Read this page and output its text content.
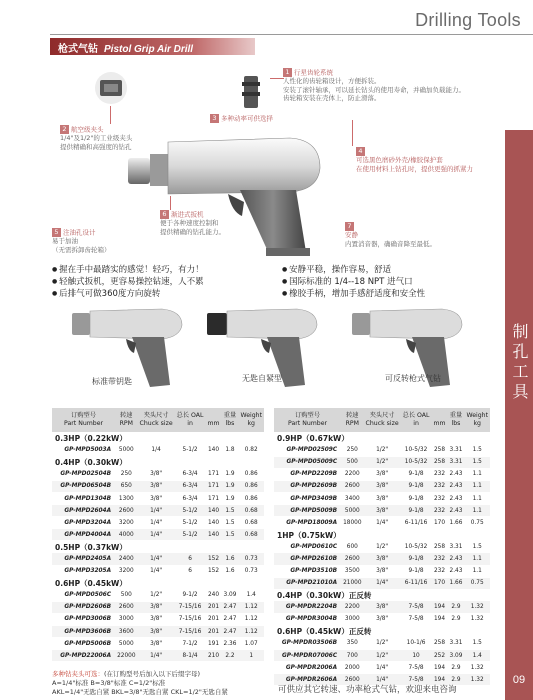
Drilling Tools
枪式气钻 Pistol Grip Air Drill
制孔工具
09
1 行星齿轮系统
人性化的齿轮箱设计，方便拆装。
安装了滚针轴承，可以延长钻头的使用寿命，并确加负载能力。
齿轮箱安装在壳体上，防止滑落。
2 航空级夹头
1/4"及1/2"的工业级夹头
提供精确和高强度的钻孔
3 多种动率可供选择
4
可选黑色磨砂外壳/橡胶保护套
在使用材料上钻孔时，提供更强的抓紧力
5 注油孔设计
易于加油
（无需拆卸齿轮箱）
6 渐进式扳机
便于各种速度控制和
提供精确的钻孔能力。
7
安静
内置消音器，确确音降至最低。
● 握在手中最踏实的感觉！轻巧，有力！
● 轻触式扳机，更容易操控钻速，人不累
● 后排气可做360度方向旋转
● 安静平稳，操作容易，舒适
● 国际标准的 1/4--18 NPT 进气口
● 橡胶手柄，增加手感舒适度和安全性
标准带钥匙	无匙自紧型	可反转枪式气钻
订购型号
Part Number	转速
RPM	夹头尺寸
Chuck size	总长 OAL
in	mm	重量
lbs	Weight
kg
0.3HP（0.22kW）						
GP-MPD5003A	5000	1/4	5-1/2	140	1.8	0.82
0.4HP（0.30kW）						
GP-MPD02504B	250	3/8"	6-3/4	171	1.9	0.86
GP-MPD06504B	650	3/8"	6-3/4	171	1.9	0.86
GP-MPD1304B	1300	3/8"	6-3/4	171	1.9	0.86
GP-MPD2604A	2600	1/4"	5-1/2	140	1.5	0.68
GP-MPD3204A	3200	1/4"	5-1/2	140	1.5	0.68
GP-MPD4004A	4000	1/4"	5-1/2	140	1.5	0.68
0.5HP（0.37kW）						
GP-MPD2405A	2400	1/4"	6	152	1.6	0.73
GP-MPD3205A	3200	1/4"	6	152	1.6	0.73
0.6HP（0.45kW）						
GP-MPD0506C	500	1/2"	9-1/2	240	3.09	1.4
GP-MPD2606B	2600	3/8"	7-15/16	201	2.47	1.12
GP-MPD3006B	3000	3/8"	7-15/16	201	2.47	1.12
GP-MPD3606B	3600	3/8"	7-15/16	201	2.47	1.12
GP-MPD5006B	5000	3/8"	7-1/2	191	2.36	1.07
GP-MPD22006A	22000	1/4"	8-1/4	210	2.2	1
订购型号
Part Number	转速
RPM	夹头尺寸
Chuck size	总长 OAL
in	mm	重量
lbs	Weight
kg
0.9HP（0.67kW）						
GP-MPD02509C	250	1/2"	10-5/32	258	3.31	1.5
GP-MPD05009C	500	1/2"	10-5/32	258	3.31	1.5
GP-MPD2209B	2200	3/8"	9-1/8	232	2.43	1.1
GP-MPD2609B	2600	3/8"	9-1/8	232	2.43	1.1
GP-MPD3409B	3400	3/8"	9-1/8	232	2.43	1.1
GP-MPD5009B	5000	3/8"	9-1/8	232	2.43	1.1
GP-MPD18009A	18000	1/4"	6-11/16	170	1.66	0.75
1HP（0.75kW）						
GP-MPD0610C	600	1/2"	10-5/32	258	3.31	1.5
GP-MPD2610B	2600	3/8"	9-1/8	232	2.43	1.1
GP-MPD3510B	3500	3/8"	9-1/8	232	2.43	1.1
GP-MPD21010A	21000	1/4"	6-11/16	170	1.66	0.75
0.4HP（0.30kW）正反转						
GP-MPDR2204B	2200	3/8"	7-5/8	194	2.9	1.32
GP-MPDR3004B	3000	3/8"	7-5/8	194	2.9	1.32
0.6HP（0.45kW）正反转						
GP-MPDR03506B	350	1/2"	10-1/6	258	3.31	1.5
GP-MPDR07006C	700	1/2"	10	252	3.09	1.4
GP-MPDR2006A	2000	1/4"	7-5/8	194	2.9	1.32
GP-MPDR2606A	2600	1/4"	7-5/8	194	2.9	1.32
多种钻夹头可选：(在订购型号后加入以下后缀字母)
A=1/4"标准 B=3/8"标准 C=1/2"标准
AKL=1/4"无匙自紧 BKL=3/8"无匙自紧 CKL=1/2"无匙自紧	可供应其它转速、功率枪式气钻，欢迎来电咨询
